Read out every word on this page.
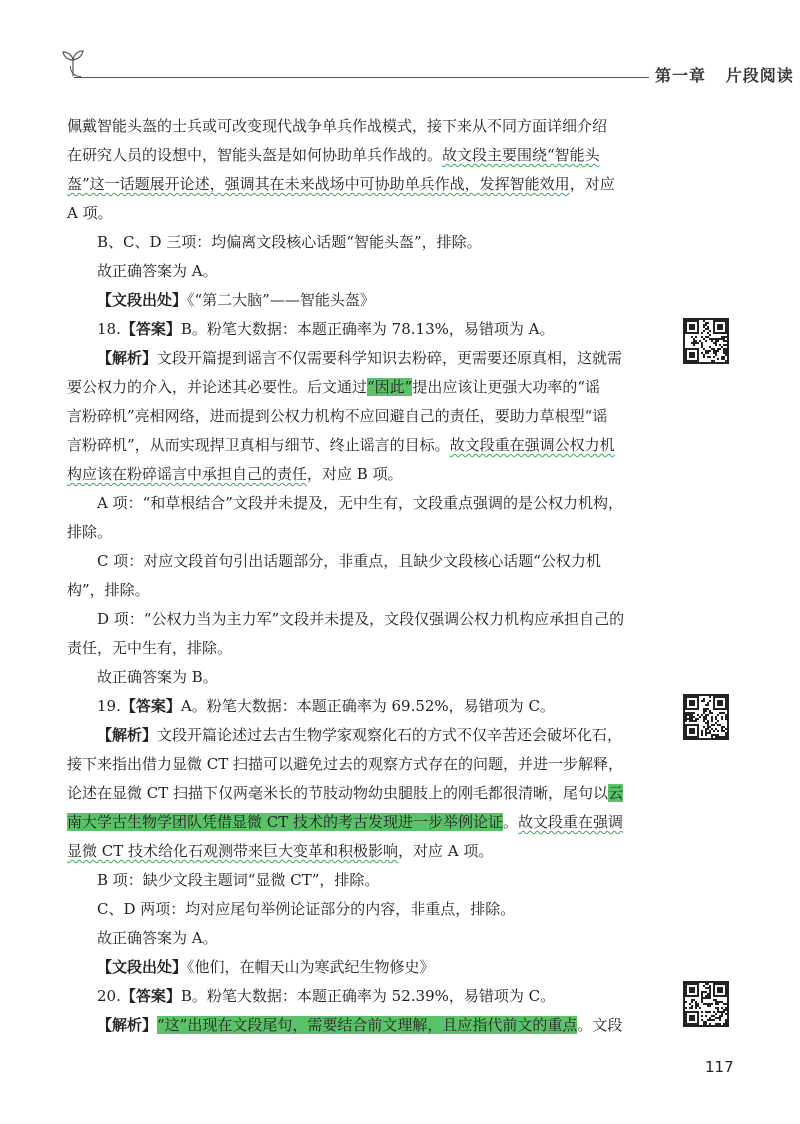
第一章 片段阅读

佩戴智能头盔的士兵或可改变现代战争单兵作战模式，接下来从不同方面详细介绍

在研究人员的设想中，智能头盔是如何协助单兵作战的。故文段主要围绕“智能头

盔”这一话题展开论述，强调其在未来战场中可协助单兵作战，发挥智能效用，对应

A 项。

B、C、D 三项：均偏离文段核心话题“智能头盔”，排除。

故正确答案为 A。

【文段出处】《“第二大脑”——智能头盔》

18.【答案】B。粉笔大数据：本题正确率为 78.13%，易错项为 A。

【解析】文段开篇提到谣言不仅需要科学知识去粉碎，更需要还原真相，这就需

要公权力的介入，并论述其必要性。后文通过“因此”提出应该让更强大功率的“谣

言粉碎机”亮相网络，进而提到公权力机构不应回避自己的责任，要助力草根型“谣

言粉碎机”，从而实现捍卫真相与细节、终止谣言的目标。故文段重在强调公权力机

构应该在粉碎谣言中承担自己的责任，对应 B 项。

A 项：“和草根结合”文段并未提及，无中生有，文段重点强调的是公权力机构，

排除。

C 项：对应文段首句引出话题部分，非重点，且缺少文段核心话题“公权力机

构”，排除。

D 项：“公权力当为主力军”文段并未提及，文段仅强调公权力机构应承担自己的

责任，无中生有，排除。

故正确答案为 B。

19.【答案】A。粉笔大数据：本题正确率为 69.52%，易错项为 C。

【解析】文段开篇论述过去古生物学家观察化石的方式不仅辛苦还会破坏化石，

接下来指出借力显微 CT 扫描可以避免过去的观察方式存在的问题，并进一步解释，

论述在显微 CT 扫描下仅两毫米长的节肢动物幼虫腿肢上的刚毛都很清晰，尾句以云

南大学古生物学团队凭借显微 CT 技术的考古发现进一步举例论证。故文段重在强调

显微 CT 技术给化石观测带来巨大变革和积极影响，对应 A 项。

B 项：缺少文段主题词“显微 CT”，排除。

C、D 两项：均对应尾句举例论证部分的内容，非重点，排除。

故正确答案为 A。

【文段出处】《他们，在帽天山为寒武纪生物修史》

20.【答案】B。粉笔大数据：本题正确率为 52.39%，易错项为 C。

【解析】“这”出现在文段尾句，需要结合前文理解，且应指代前文的重点。文段

117
